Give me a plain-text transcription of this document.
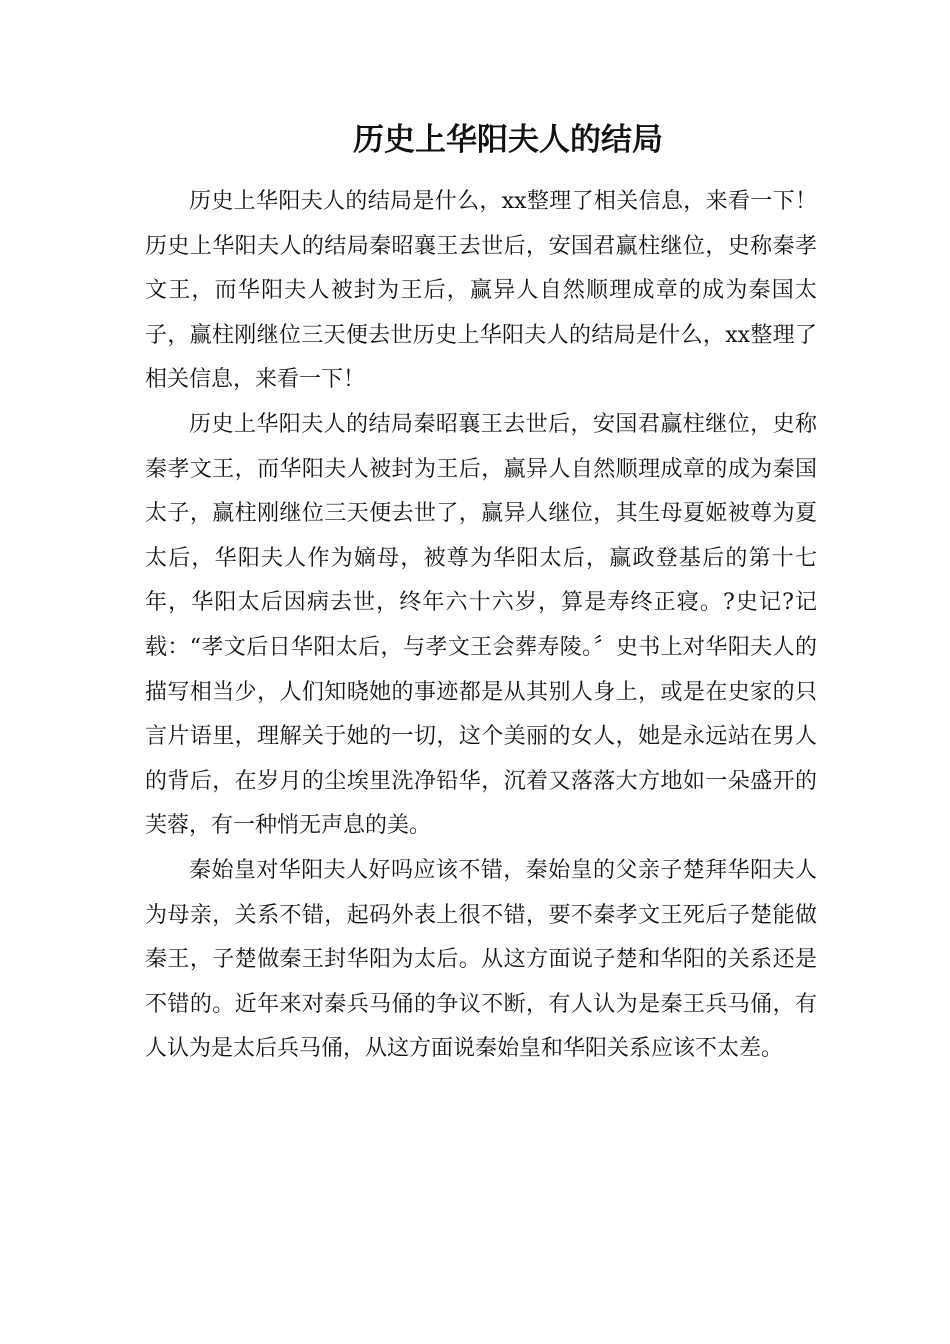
历史上华阳夫人的结局

历史上华阳夫人的结局是什么，xx整理了相关信息，来看一下！历史上华阳夫人的结局秦昭襄王去世后，安国君赢柱继位，史称秦孝文王，而华阳夫人被封为王后，赢异人自然顺理成章的成为秦国太子，赢柱刚继位三天便去世历史上华阳夫人的结局是什么，xx整理了相关信息，来看一下！

历史上华阳夫人的结局秦昭襄王去世后，安国君赢柱继位，史称秦孝文王，而华阳夫人被封为王后，赢异人自然顺理成章的成为秦国太子，赢柱刚继位三天便去世了，赢异人继位，其生母夏姬被尊为夏太后，华阳夫人作为嫡母，被尊为华阳太后，赢政登基后的第十七年，华阳太后因病去世，终年六十六岁，算是寿终正寝。?史记?记载：“孝文后日华阳太后，与孝文王会葬寿陵。〞史书上对华阳夫人的描写相当少，人们知晓她的事迹都是从其别人身上，或是在史家的只言片语里，理解关于她的一切，这个美丽的女人，她是永远站在男人的背后，在岁月的尘埃里洗净铅华，沉着又落落大方地如一朵盛开的芙蓉，有一种悄无声息的美。

秦始皇对华阳夫人好吗应该不错，秦始皇的父亲子楚拜华阳夫人为母亲，关系不错，起码外表上很不错，要不秦孝文王死后子楚能做秦王，子楚做秦王封华阳为太后。从这方面说子楚和华阳的关系还是不错的。近年来对秦兵马俑的争议不断，有人认为是秦王兵马俑，有人认为是太后兵马俑，从这方面说秦始皇和华阳关系应该不太差。
